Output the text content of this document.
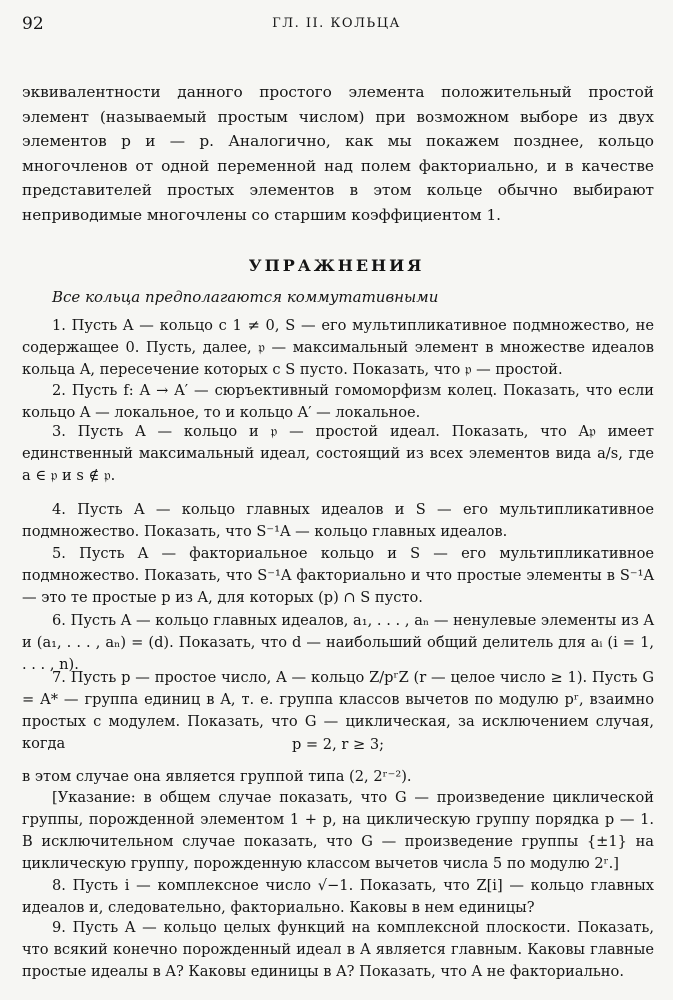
92	ГЛ. II. КОЛЬЦА

эквивалентности данного простого элемента положительный простой элемент (называемый простым числом) при возможном выборе из двух элементов p и — p. Аналогично, как мы покажем позднее, кольцо многочленов от одной переменной над полем факториально, и в качестве представителей простых элементов в этом кольце обычно выбирают неприводимые многочлены со старшим коэффициентом 1.

УПРАЖНЕНИЯ
Все кольца предполагаются коммутативными

1. Пусть A — кольцо с 1 ≠ 0, S — его мультипликативное подмножество, не содержащее 0. Пусть, далее, 𝔭 — максимальный элемент в множестве идеалов кольца A, пересечение которых с S пусто. Показать, что 𝔭 — простой.

2. Пусть f: A → A′ — сюръективный гомоморфизм колец. Показать, что если кольцо A — локальное, то и кольцо A′ — локальное.

3. Пусть A — кольцо и 𝔭 — простой идеал. Показать, что A𝔭 имеет единственный максимальный идеал, состоящий из всех элементов вида a/s, где a ∈ 𝔭 и s ∉ 𝔭.

4. Пусть A — кольцо главных идеалов и S — его мультипликативное подмножество. Показать, что S⁻¹A — кольцо главных идеалов.

5. Пусть A — факториальное кольцо и S — его мультипликативное подмножество. Показать, что S⁻¹A факториально и что простые элементы в S⁻¹A — это те простые p из A, для которых (p) ∩ S пусто.

6. Пусть A — кольцо главных идеалов, a₁, . . . , aₙ — ненулевые элементы из A и (a₁, . . . , aₙ) = (d). Показать, что d — наибольший общий делитель для aᵢ (i = 1, . . . , n).

7. Пусть p — простое число, A — кольцо Z/pʳZ (r — целое число ≥ 1). Пусть G = A* — группа единиц в A, т. е. группа классов вычетов по модулю pʳ, взаимно простых с модулем. Показать, что G — циклическая, за исключением случая, когда	p = 2, r ≥ 3;

в этом случае она является группой типа (2, 2ʳ⁻²).

[Указание: в общем случае показать, что G — произведение циклической группы, порожденной элементом 1 + p, на циклическую группу порядка p — 1. В исключительном случае показать, что G — произведение группы {±1} на циклическую группу, порожденную классом вычетов числа 5 по модулю 2ʳ.]

8. Пусть i — комплексное число √−1. Показать, что Z[i] — кольцо главных идеалов и, следовательно, факториально. Каковы в нем единицы?

9. Пусть A — кольцо целых функций на комплексной плоскости. Показать, что всякий конечно порожденный идеал в A является главным. Каковы главные простые идеалы в A? Каковы единицы в A? Показать, что A не факториально.
